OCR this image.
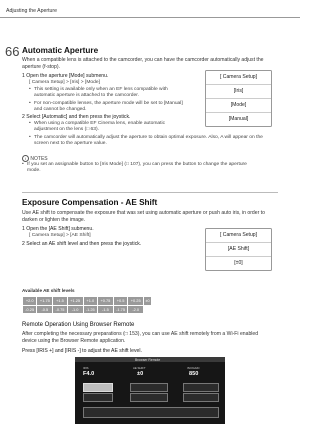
Adjusting the Aperture
66 Automatic Aperture
When a compatible lens is attached to the camcorder, you can have the camcorder automatically adjust the
aperture (f-stop).
1 Open the aperture [Mode] submenu.
[ Camera Setup] > [Iris] > [Mode]
• This setting is available only when an EF lens compatible with
automatic aperture is attached to the camcorder.
• For non-compatible lenses, the aperture mode will be set to [Manual]
and cannot be changed.
2 Select [Automatic] and then press the joystick.
• When using a compatible EF Cinema lens, enable automatic
adjustment on the lens (□ 63).
• The camcorder will automatically adjust the aperture to obtain optimal exposure. Also, A will appear on the
screen next to the aperture value.
[ Camera Setup]
[Iris]
[Mode]
[Manual]
i NOTES
• If you set an assignable button to [Iris Mode] (□ 107), you can press the button to change the aperture
mode.
Exposure Compensation - AE Shift
Use AE shift to compensate the exposure that was set using automatic aperture or push auto iris, in order to
darken or lighten the image.
1 Open the [AE Shift] submenu.
[ Camera Setup] > [AE Shift]
2 Select an AE shift level and then press the joystick.
[ Camera Setup]
[AE Shift]
[±0]
Available AE shift levels
+2.0	+1.75	+1.5	+1.25	+1.0	+0.75	+0.5	+0.25	±0
-0.25	-0.5	-0.75	-1.0	-1.25	-1.5	-1.75	-2.0	
Remote Operation Using Browser Remote
After completing the necessary preparations (□ 153), you can use AE shift remotely from a Wi-Fi enabled
device using the Browser Remote application.
Press [IRIS +] and [IRIS -] to adjust the AE shift level.
Browser Remote
IRIS
F4.0
AE SHIFT
±0
ISO/GAIN
850
